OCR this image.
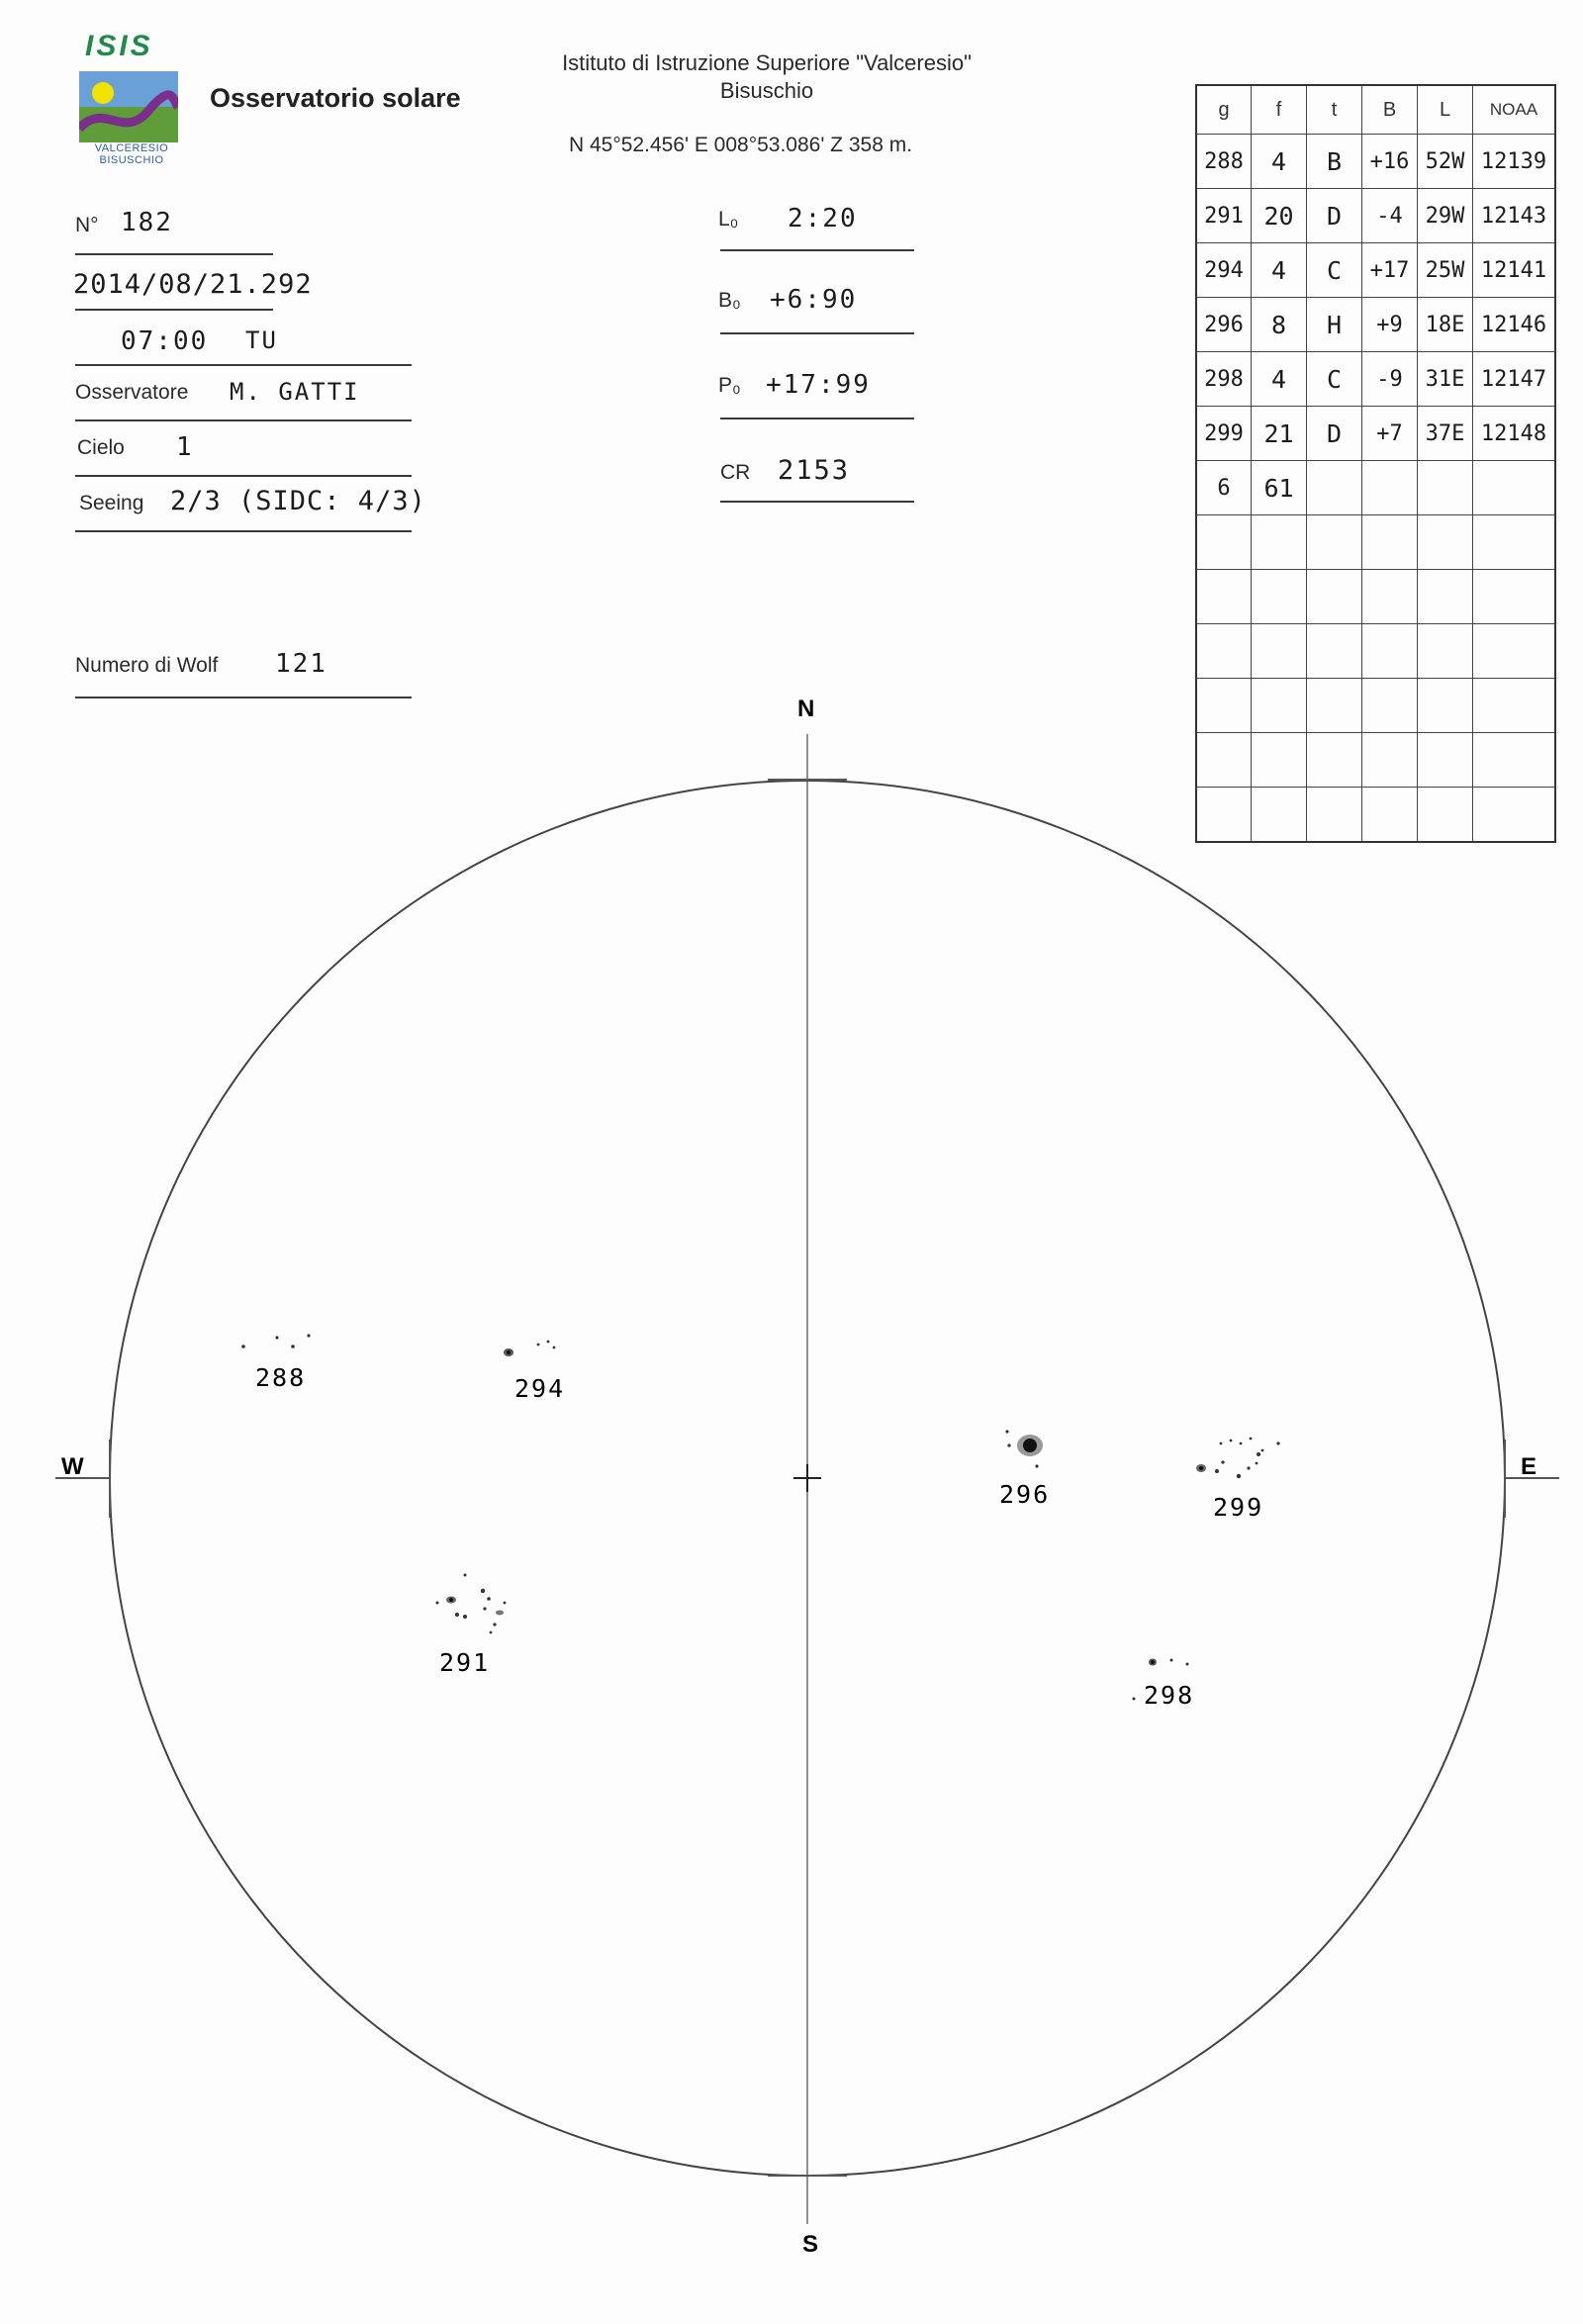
ISIS
VALCERESIO
BISUSCHIO
Osservatorio solare
Istituto di Istruzione Superiore "Valceresio"
Bisuschio
N 45°52.456' E 008°53.086' Z 358 m.
N° 182
2014/08/21.292
07:00 TU
Osservatore M. GATTI
Cielo 1
Seeing 2/3 (SIDC: 4/3)
Numero di Wolf 121
L₀ 2:20
B₀ +6:90
P₀ +17:99
CR 2153
g	f	t	B	L	NOAA
288	4	B	+16	52W	12139
291	20	D	-4	29W	12143
294	4	C	+17	25W	12141
296	8	H	+9	18E	12146
298	4	C	-9	31E	12147
299	21	D	+7	37E	12148
6	61				

N
S
E
W
288	294
291
296	299
298
